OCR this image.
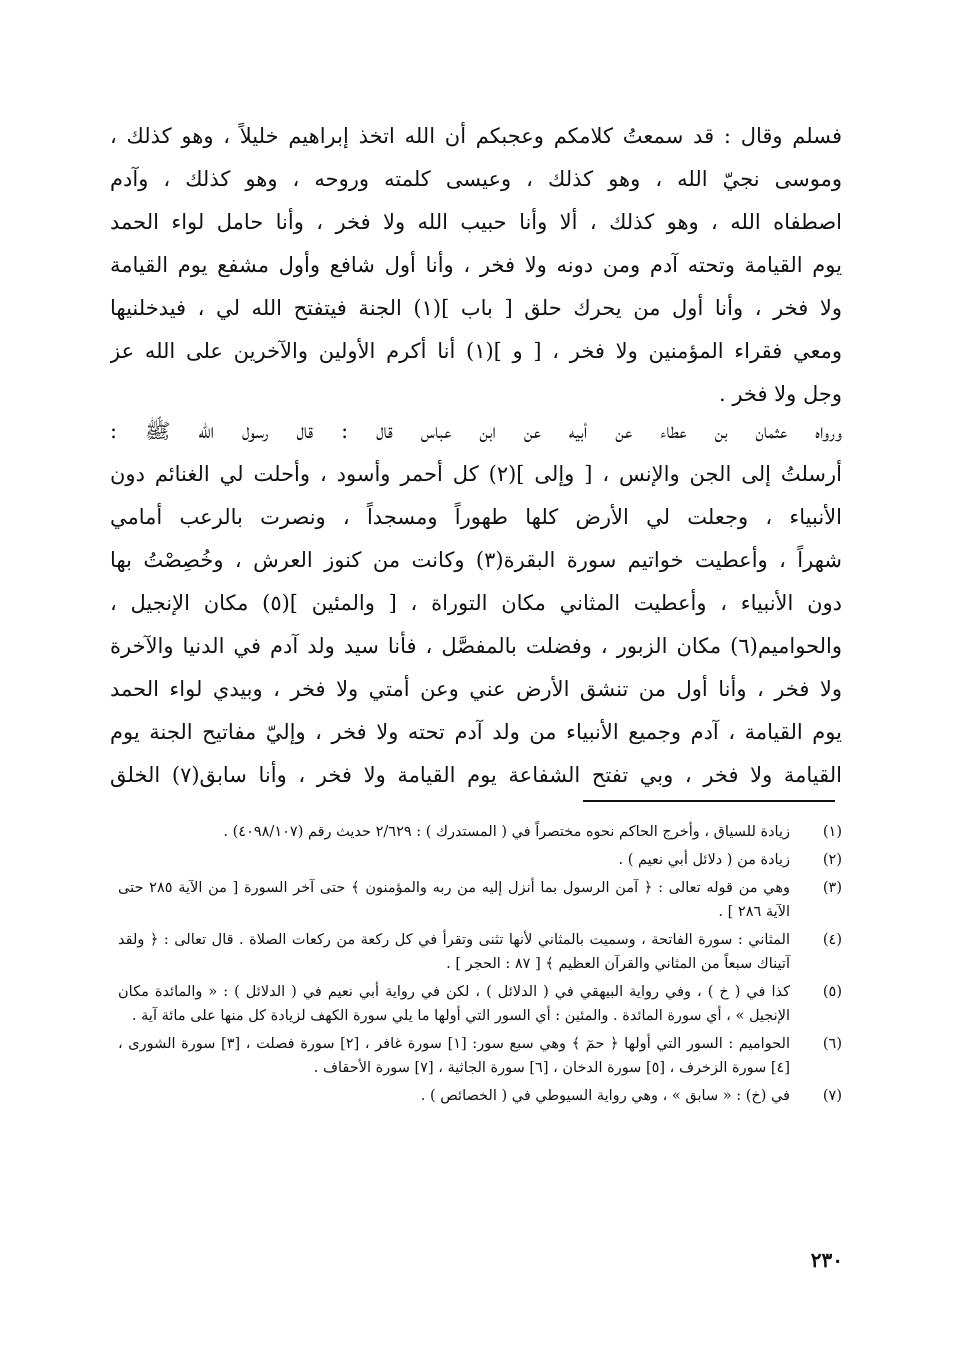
فسلم وقال : قد سمعتُ كلامكم وعجبكم أن الله اتخذ إبراهيم خليلاً ، وهو كذلك ،
وموسى نجيّ الله ، وهو كذلك ، وعيسى كلمته وروحه ، وهو كذلك ، وآدم
اصطفاه الله ، وهو كذلك ، ألا وأنا حبيب الله ولا فخر ، وأنا حامل لواء الحمد
يوم القيامة وتحته آدم ومن دونه ولا فخر ، وأنا أول شافع وأول مشفع يوم القيامة
ولا فخر ، وأنا أول من يحرك حلق [ باب ](١) الجنة فيتفتح الله لي ، فيدخلنيها
ومعي فقراء المؤمنين ولا فخر ، [ و ](١) أنا أكرم الأولين والآخرين على الله عز
وجل ولا فخر .
ورواه عثمان بن عطاء عن أبيه عن ابن عباس قال : قال رسول الله ﷺ :
أرسلتُ إلى الجن والإنس ، [ وإلى ](٢) كل أحمر وأسود ، وأحلت لي الغنائم دون
الأنبياء ، وجعلت لي الأرض كلها طهوراً ومسجداً ، ونصرت بالرعب أمامي
شهراً ، وأعطيت خواتيم سورة البقرة(٣) وكانت من كنوز العرش ، وخُصِصْتُ بها
دون الأنبياء ، وأعطيت المثاني مكان التوراة ، [ والمئين ](٥) مكان الإنجيل ،
والحواميم(٦) مكان الزبور ، وفضلت بالمفصَّل ، فأنا سيد ولد آدم في الدنيا والآخرة
ولا فخر ، وأنا أول من تنشق الأرض عني وعن أمتي ولا فخر ، وبيدي لواء الحمد
يوم القيامة ، آدم وجميع الأنبياء من ولد آدم تحته ولا فخر ، وإليّ مفاتيح الجنة يوم
القيامة ولا فخر ، وبي تفتح الشفاعة يوم القيامة ولا فخر ، وأنا سابق(٧) الخلق
(١)
زيادة للسياق ، وأخرج الحاكم نحوه مختصراً في ( المستدرك ) : ٢/٦٢٩ حديث رقم (٤٠٩٨/١٠٧) .
(٢)
زيادة من ( دلائل أبي نعيم ) .
(٣)
وهي من قوله تعالى : ﴿ آمن الرسول بما أنزل إليه من ربه والمؤمنون ﴾ حتى آخر السورة [ من الآية ٢٨٥ حتى الآية ٢٨٦ ] .
(٤)
المثاني : سورة الفاتحة ، وسميت بالمثاني لأنها تثنى وتقرأ في كل ركعة من ركعات الصلاة . قال تعالى : ﴿ ولقد آتيناك سبعاً من المثاني والقرآن العظيم ﴾ [ ٨٧ : الحجر ] .
(٥)
كذا في ( خ ) ، وفي رواية البيهقي في ( الدلائل ) ، لكن في رواية أبي نعيم في ( الدلائل ) : « والمائدة مكان الإنجيل » ، أي سورة المائدة . والمئين : أي السور التي أولها ما يلي سورة الكهف لزيادة كل منها على مائة آية .
(٦)
الحواميم : السور التي أولها ﴿ حمٓ ﴾ وهي سبع سور: [١] سورة غافر ، [٢] سورة فصلت ، [٣] سورة الشورى ، [٤] سورة الزخرف ، [٥] سورة الدخان ، [٦] سورة الجاثية ، [٧] سورة الأحقاف .
(٧)
في (خ) : « سابق » ، وهي رواية السيوطي في ( الخصائص ) .
٢٣٠
